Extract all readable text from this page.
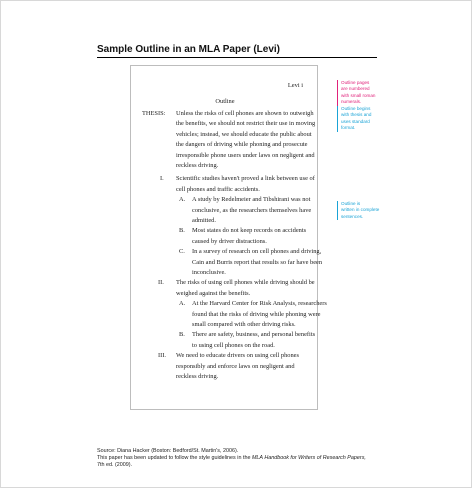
Sample Outline in an MLA Paper (Levi)
Levi i
Outline
THESIS: Unless the risks of cell phones are shown to outweigh
the benefits, we should not restrict their use in moving
vehicles; instead, we should educate the public about
the dangers of driving while phoning and prosecute
irresponsible phone users under laws on negligent and
reckless driving.
I. Scientific studies haven't proved a link between use of
cell phones and traffic accidents.
A. A study by Redelmeier and Tibshirani was not
conclusive, as the researchers themselves have
admitted.
B. Most states do not keep records on accidents
caused by driver distractions.
C. In a survey of research on cell phones and driving,
Cain and Burris report that results so far have been
inconclusive.
II. The risks of using cell phones while driving should be
weighed against the benefits.
A. At the Harvard Center for Risk Analysis, researchers
found that the risks of driving while phoning were
small compared with other driving risks.
B. There are safety, business, and personal benefits
to using cell phones on the road.
III. We need to educate drivers on using cell phones
responsibly and enforce laws on negligent and
reckless driving.
Outline pages
are numbered
with small roman
numerals.
Outline begins
with thesis and
uses standard
format.
Outline is
written in complete
sentences.
Source: Diana Hacker (Boston: Bedford/St. Martin's, 2006).
This paper has been updated to follow the style guidelines in the MLA Handbook for Writers of Research Papers,
7th ed. (2009).
